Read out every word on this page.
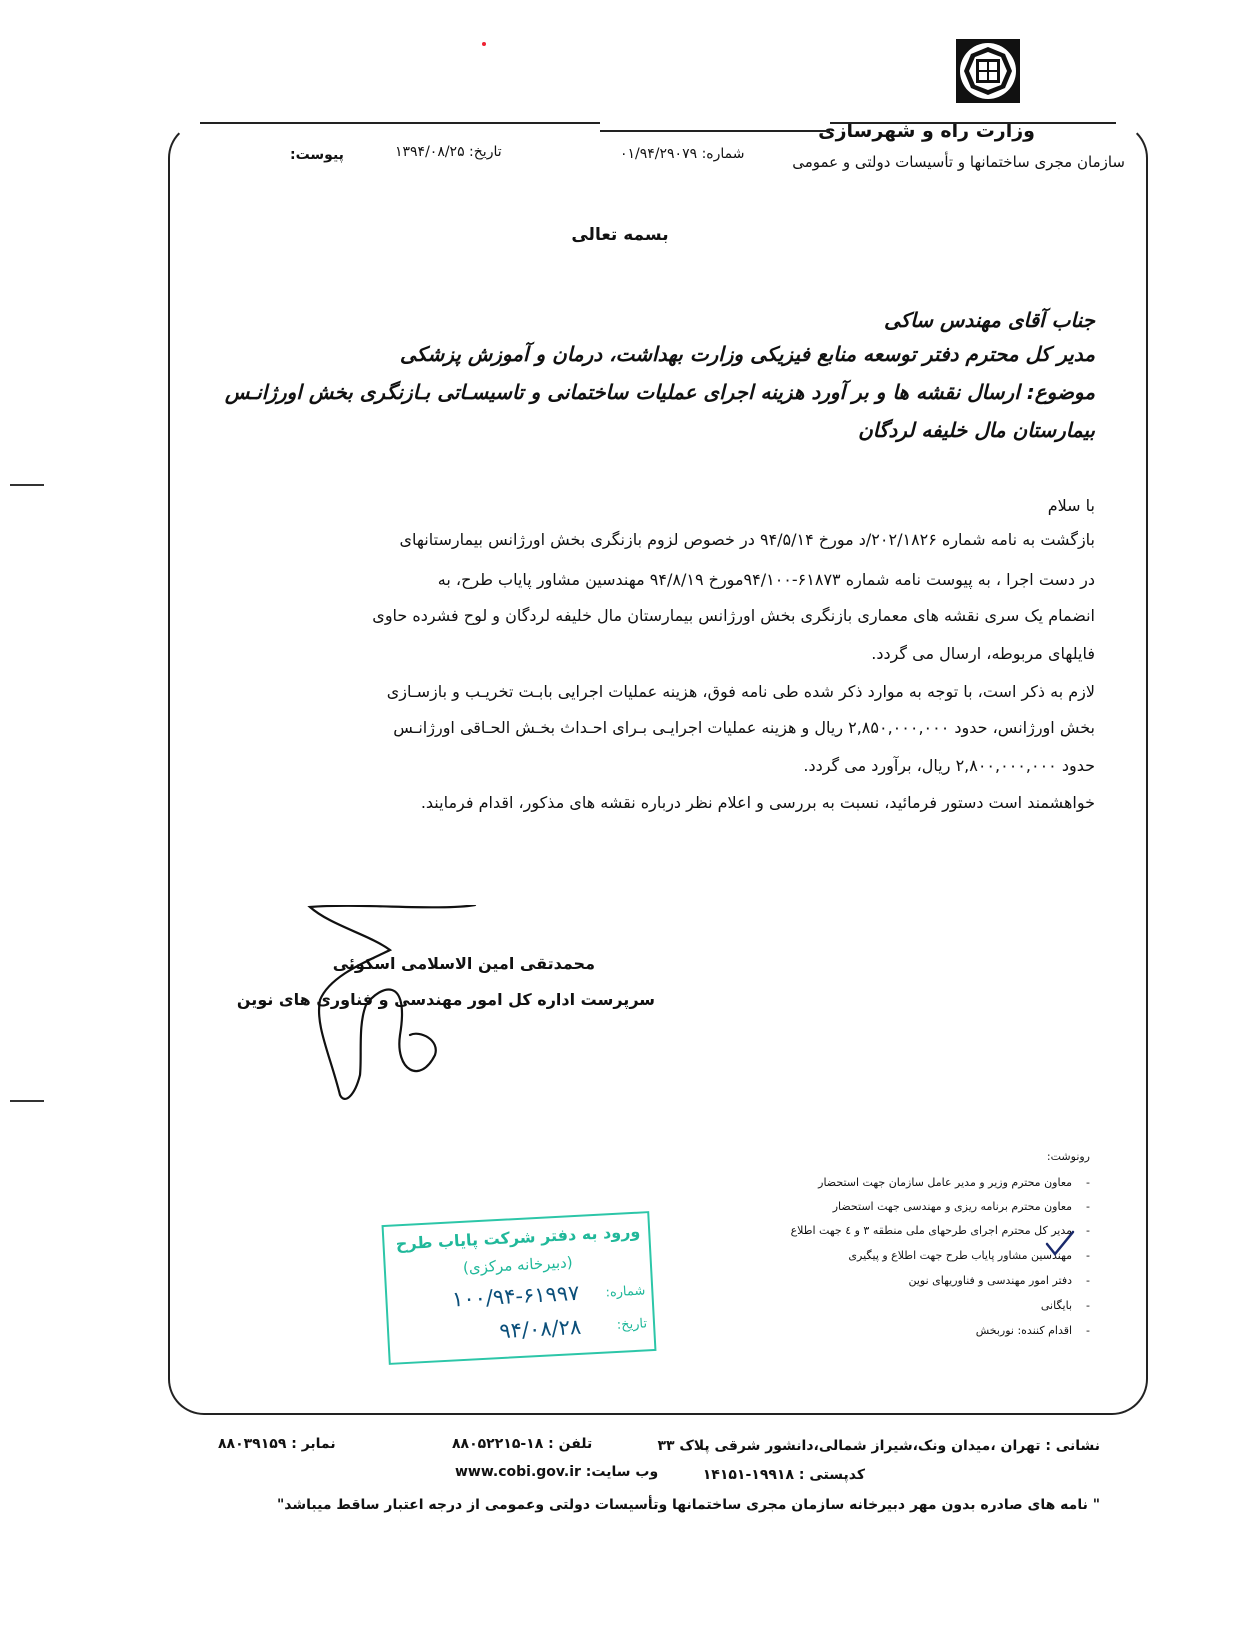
وزارت راه و شهرسازی
سازمان مجری ساختمانها و تأسیسات دولتی و عمومی
شماره: ۰۱/۹۴/۲۹۰۷۹
تاریخ: ۱۳۹۴/۰۸/۲۵
پیوست:
بسمه تعالی
جناب آقای مهندس ساکی
مدیر کل محترم دفتر توسعه منابع فیزیکی وزارت بهداشت، درمان و آموزش پزشکی
موضوع: ارسال نقشه ها و بر آورد هزینه اجرای عملیات ساختمانی و تاسیسـاتی بـازنگری بخش اورژانـس
بیمارستان مال خلیفه لردگان
با سلام
بازگشت به نامه شماره ۲۰۲/۱۸۲۶/د مورخ ۹۴/۵/۱۴ در خصوص لزوم بازنگری بخش اورژانس بیمارستانهای
در دست اجرا ، به پیوست نامه شماره ۶۱۸۷۳-۹۴/۱۰۰مورخ ۹۴/۸/۱۹ مهندسین مشاور پایاب طرح، به
انضمام یک سری نقشه های معماری بازنگری بخش اورژانس بیمارستان مال خلیفه لردگان و لوح فشرده حاوی
فایلهای مربوطه، ارسال می گردد.
لازم به ذکر است، با توجه به موارد ذکر شده طی نامه فوق، هزینه عملیات اجرایی بابـت تخریـب و بازسـازی
بخش اورژانس، حدود ۲,۸۵۰,۰۰۰,۰۰۰ ریال و هزینه عملیات اجرایـی بـرای احـداث بخـش الحـاقی اورژانـس
حدود ۲,۸۰۰,۰۰۰,۰۰۰ ریال، برآورد می گردد.
خواهشمند است دستور فرمائید، نسبت به بررسی و اعلام نظر درباره نقشه های مذکور، اقدام فرمایند.
محمدتقی امین الاسلامی اسکوئی
سرپرست اداره کل امور مهندسی و فناوری های نوین
رونوشت:
-    معاون محترم وزیر و مدیر عامل سازمان جهت استحضار
-    معاون محترم برنامه ریزی و مهندسی جهت استحضار
-    مدیر کل محترم اجرای طرحهای ملی منطقه ۳ و ٤ جهت اطلاع
-    مهندسین مشاور پایاب طرح جهت اطلاع و پیگیری
-    دفتر امور مهندسی و فناوریهای نوین
-    بایگانی
-    اقدام کننده: نوربخش
ورود به دفتر شرکت پایاب طرح
(دبیرخانه مرکزی)
شماره:
۱۰۰/۹۴-۶۱۹۹۷
تاریخ:
۹۴/۰۸/۲۸
نشانی : تهران ،میدان ونک،شیراز شمالی،دانشور شرقی پلاک ۳۳
تلفن : ۱۸-۸۸۰۵۲۲۱۵
نمابر : ۸۸۰۳۹۱۵۹
کدپستی : ۱۹۹۱۸-۱۴۱۵۱
وب سایت: www.cobi.gov.ir
" نامه های صادره بدون مهر دبیرخانه سازمان مجری ساختمانها وتأسیسات دولتی وعمومی از درجه اعتبار ساقط میباشد"
